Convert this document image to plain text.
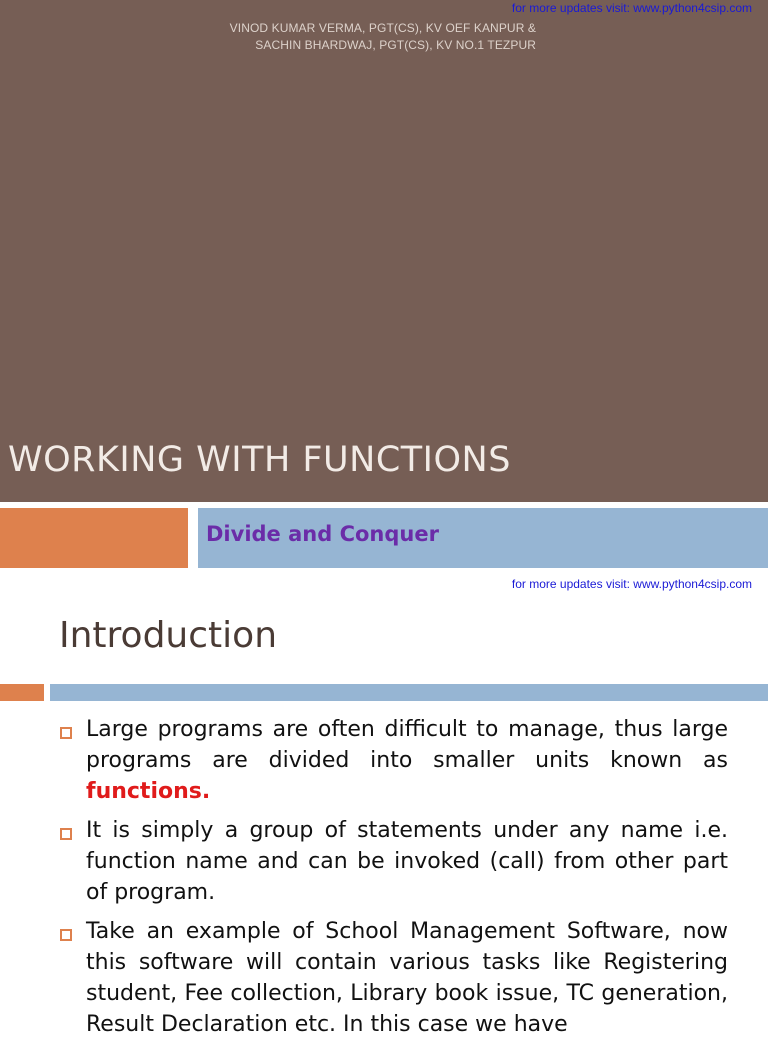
for more updates visit: www.python4csip.com
VINOD KUMAR VERMA, PGT(CS), KV OEF KANPUR &
SACHIN BHARDWAJ, PGT(CS), KV NO.1 TEZPUR
WORKING WITH FUNCTIONS
Divide and Conquer
for more updates visit: www.python4csip.com
Introduction
Large programs are often difficult to manage, thus large programs are divided into smaller units known as functions.
It is simply a group of statements under any name i.e. function name and can be invoked (call) from other part of program.
Take an example of School Management Software, now this software will contain various tasks like Registering student, Fee collection, Library book issue, TC generation, Result Declaration etc. In this case we have
